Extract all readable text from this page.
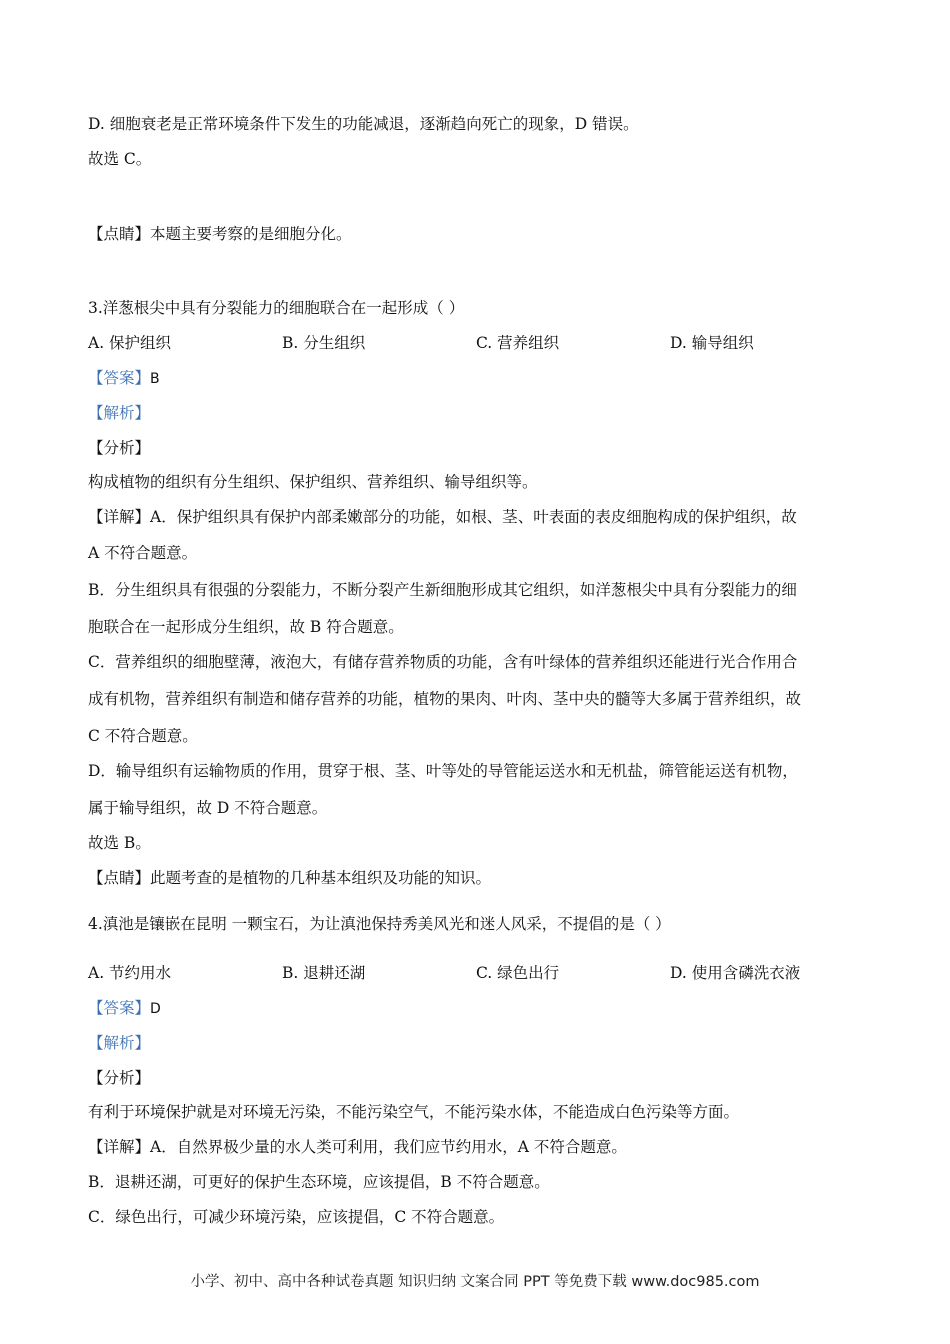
D. 细胞衰老是正常环境条件下发生的功能减退，逐渐趋向死亡的现象，D 错误。
故选 C。
【点睛】本题主要考察的是细胞分化。
3.洋葱根尖中具有分裂能力的细胞联合在一起形成（ ）
A. 保护组织	B. 分生组织	C. 营养组织	D. 输导组织
【答案】B
【解析】
【分析】
构成植物的组织有分生组织、保护组织、营养组织、输导组织等。
【详解】A．保护组织具有保护内部柔嫩部分的功能，如根、茎、叶表面的表皮细胞构成的保护组织，故
A 不符合题意。
B．分生组织具有很强的分裂能力，不断分裂产生新细胞形成其它组织，如洋葱根尖中具有分裂能力的细
胞联合在一起形成分生组织，故 B 符合题意。
C．营养组织的细胞壁薄，液泡大，有储存营养物质的功能，含有叶绿体的营养组织还能进行光合作用合
成有机物，营养组织有制造和储存营养的功能，植物的果肉、叶肉、茎中央的髓等大多属于营养组织，故
C 不符合题意。
D．输导组织有运输物质的作用，贯穿于根、茎、叶等处的导管能运送水和无机盐，筛管能运送有机物，
属于输导组织，故 D 不符合题意。
故选 B。
【点睛】此题考查的是植物的几种基本组织及功能的知识。
4.滇池是镶嵌在昆明 一颗宝石，为让滇池保持秀美风光和迷人风采，不提倡的是（ ）
A. 节约用水	B. 退耕还湖	C. 绿色出行	D. 使用含磷洗衣液
【答案】D
【解析】
【分析】
有利于环境保护就是对环境无污染，不能污染空气，不能污染水体，不能造成白色污染等方面。
【详解】A．自然界极少量的水人类可利用，我们应节约用水，A 不符合题意。
B．退耕还湖，可更好的保护生态环境，应该提倡，B 不符合题意。
C．绿色出行，可减少环境污染，应该提倡，C 不符合题意。
小学、初中、高中各种试卷真题 知识归纳 文案合同 PPT 等免费下载 www.doc985.com
